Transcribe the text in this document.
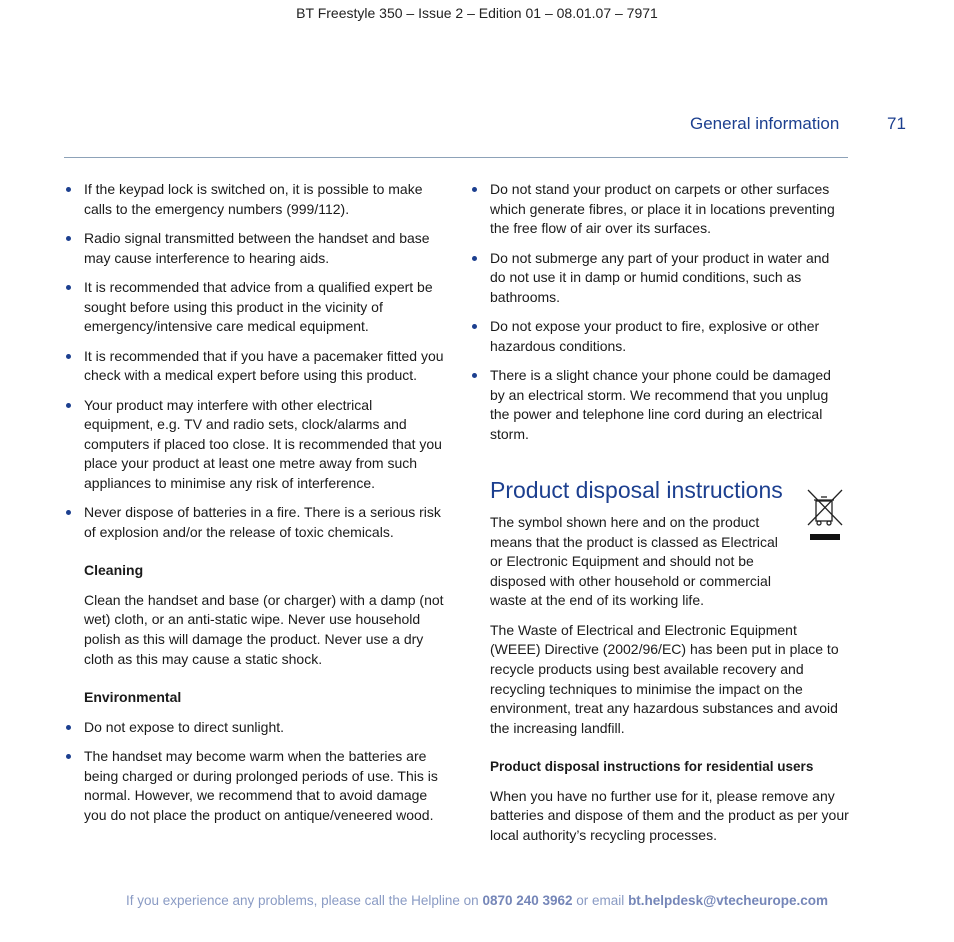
BT Freestyle 350 – Issue 2 – Edition 01 – 08.01.07 – 7971
General information	71
If the keypad lock is switched on, it is possible to make calls to the emergency numbers (999/112).
Radio signal transmitted between the handset and base may cause interference to hearing aids.
It is recommended that advice from a qualified expert be sought before using this product in the vicinity of emergency/intensive care medical equipment.
It is recommended that if you have a pacemaker fitted you check with a medical expert before using this product.
Your product may interfere with other electrical equipment, e.g. TV and radio sets, clock/alarms and computers if placed too close. It is recommended that you place your product at least one metre away from such appliances to minimise any risk of interference.
Never dispose of batteries in a fire. There is a serious risk of explosion and/or the release of toxic chemicals.
Cleaning
Clean the handset and base (or charger) with a damp (not wet) cloth, or an anti-static wipe. Never use household polish as this will damage the product. Never use a dry cloth as this may cause a static shock.
Environmental
Do not expose to direct sunlight.
The handset may become warm when the batteries are being charged or during prolonged periods of use. This is normal. However, we recommend that to avoid damage you do not place the product on antique/veneered wood.
Do not stand your product on carpets or other surfaces which generate fibres, or place it in locations preventing the free flow of air over its surfaces.
Do not submerge any part of your product in water and do not use it in damp or humid conditions, such as bathrooms.
Do not expose your product to fire, explosive or other hazardous conditions.
There is a slight chance your phone could be damaged by an electrical storm. We recommend that you unplug the power and telephone line cord during an electrical storm.
Product disposal instructions

The symbol shown here and on the product means that the product is classed as Electrical or Electronic Equipment and should not be disposed with other household or commercial waste at the end of its working life.

The Waste of Electrical and Electronic Equipment (WEEE) Directive (2002/96/EC) has been put in place to recycle products using best available recovery and recycling techniques to minimise the impact on the environment, treat any hazardous substances and avoid the increasing landfill.

Product disposal instructions for residential users

When you have no further use for it, please remove any batteries and dispose of them and the product as per your local authority’s recycling processes.

If you experience any problems, please call the Helpline on 0870 240 3962 or email bt.helpdesk@vtecheurope.com
